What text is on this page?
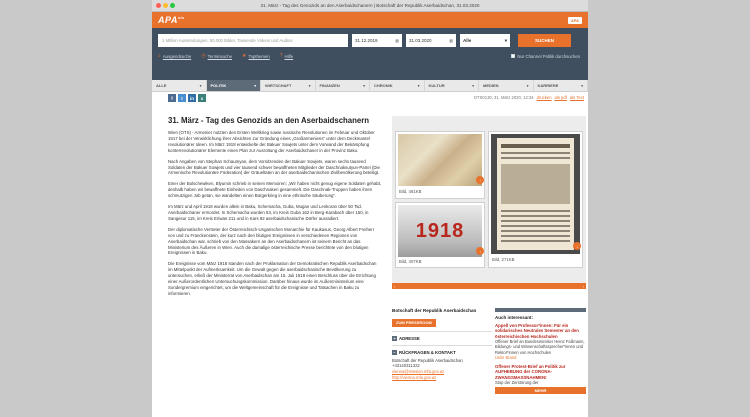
31. März - Tag des Genozids an den Aserbaidschanern | Botschaft der Republik Aserbaidschan, 31.03.2020
$APA^{ots}$	APA
1 Million Aussendungen, 50.000 Bilder, Tausende Videos und Audios	31.12.2019	▦ 31.03.2020	▦ Alle	▾	SUCHEN
⌕ Ausgendsuche ◷ Terminsuche ★ Topthemen ? Hilfe	Nur Channel Politik durchsuchen
ALLE	▾ POLITIK	▾ WIRTSCHAFT	▾ FINANZEN	▾ CHRONIK	▾ KULTUR	▾ MEDIEN	▾ KARRIERE	▾
f	t	in	x	OTS0130, 31. März 2020, 12:34 drucken als pdf als Text
31. März - Tag des Genozids an den Aserbaidschanern

Wien (OTS) - Armenier nutzten den Ersten Weltkrieg sowie russische Revolutionen im Februar und Oktober 1917 bei der Verwirklichung ihrer Absichten zur Gründung eines „Großarmeniens“ unter dem Deckmantel revolutionärer Ideen. Im März 1918 entwickelte der Bakuer Sowjets unter dem Vorwand der Bekämpfung konterrevolutionärer Elemente einen Plan zur Ausrottung der Aserbaidschaner in der Provinz Baku.

Nach Angaben von Stephan Schaumyan, dem Vorsitzenden der Bakuer Sowjets, waren sechs tausend Soldaten der Bakuer Sowjets und vier tausend schwer bewaffneten Mitglieder der Daschnaksutyun-Partei (Die Armenische Revolutionäre Föderation) der Gräueltaten an der aserbaidschanischen Zivilbevölkerung beteiligt.

Einer der Bolschewiken, Blyumin schrieb in seinen Memoiren: „Wir haben nicht genug eigene Soldaten gehabt, deshalb haben wir bewaffnete Einheiten von Daschnaken gesammelt. Die Daschnak-Truppen haben ihren schmutzigen Job getan, sie wandelten einen Bürgerkrieg in eine ethnische Säuberung“.

Im März und April 1918 wurden allein in Baku, Schemacha, Guba, Mugan und Lenkoran über 50 Tsd. Aserbaidschaner ermordet. In Schemacha wurden 53, im Kreis Guba 162 in Berg-Karabach über 150, in Sangesur 115, im Kreis Eriwan 211 und in Kars 92 aserbaidschanische Dörfer ausradiert.

Der diplomatische Vertreter der Österreichisch-Ungarischen Monarchie für Kaukasus, Georg Albert Freiherr von und zu Franckenstein, der kurz nach den blutigen Ereignissen in verschiedenen Regionen von Aserbaidschan war, schrieb von den Massakern an den Aserbaidschanern ist seinem Bericht an das Ministerium des Äußeren in Wien. Auch die damalige österreichische Presse berichtete von den blutigen Ereignissen in Baku.

Die Ereignisse vom März 1918 standen nach der Proklamation der Demokratischen Republik Aserbaidschan im Mittelpunkt der Aufmerksamkeit. Um die Gewalt gegen die aserbaidschanische Bevölkerung zu untersuchen, erließ der Ministerrat von Aserbaidschan am 15. Juli 1918 einen Beschluss über die Errichtung einer Außerordentlichen Untersuchungskommission. Darüber hinaus wurde im Außenministerium eine Sondergremium eingerichtet, um die Weltgemeinschaft für die Ereignisse und Tatsachen in Baku zu informieren.

↓
Bild, 481KB
↓
Bild, 271KB
1918
↓
Bild, 407KB
‹	›
Botschaft der Republik Aserbaidschan
ZUM PRESSROOM
+ ADRESSE
− RÜCKFRAGEN & KONTAKT
Botschaft der Republik Aserbaidschan
+43140311322
vienna@mission.mfa.gov.az
http://vienna.mfa.gov.az
Auch interessant:
Appell von Professor*innen: Für ein solidarisches Neutrales Semester an den österreichischen Hochschulen
Offener Brief an Bundesminister Heinz Faßmann, Bildungs- und Wissenschaftssprecher*innen und Rektor*innen von Hochschulen
Uniin Brand
Offener Protest-Brief an Politik zur AUFHEBUNG der CORONA-ZWANGSMASSNAHMEN!
Stop der Zerstörung der
MEHR
